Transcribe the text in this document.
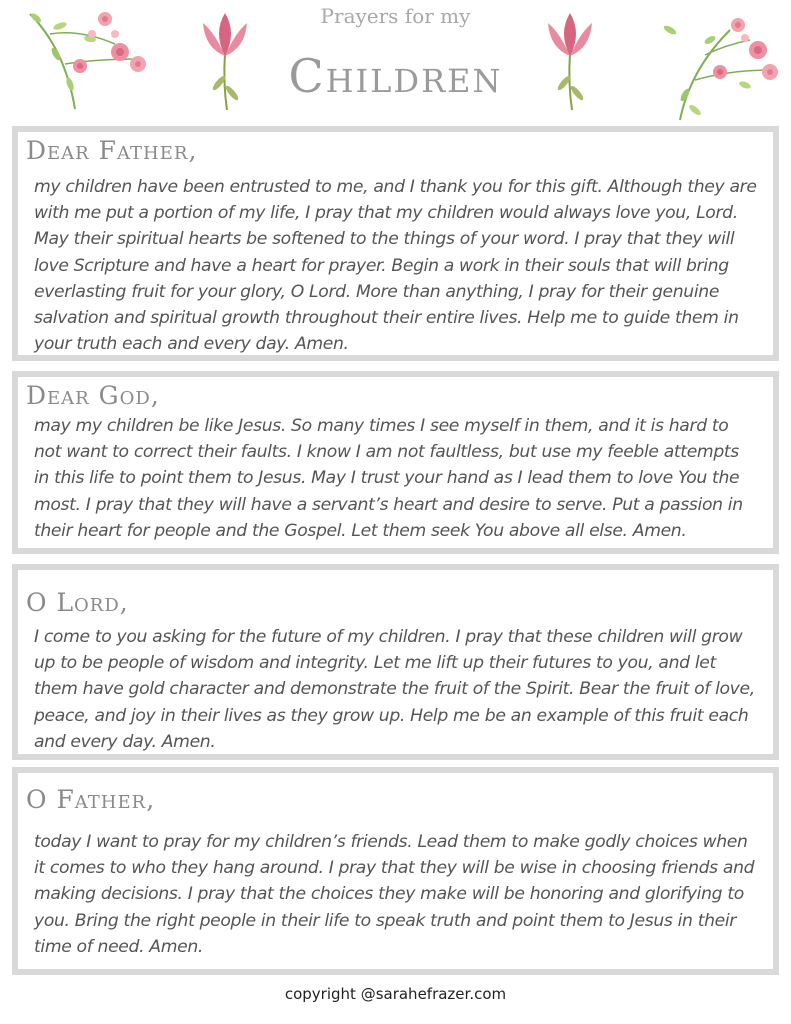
Prayers for my
Children
Dear Father,
my children have been entrusted to me, and I thank you for this gift. Although they are with me put a portion of my life, I pray that my children would always love you, Lord. May their spiritual hearts be softened to the things of your word. I pray that they will love Scripture and have a heart for prayer. Begin a work in their souls that will bring everlasting fruit for your glory, O Lord. More than anything, I pray for their genuine salvation and spiritual growth throughout their entire lives. Help me to guide them in your truth each and every day. Amen.
Dear God,
may my children be like Jesus. So many times I see myself in them, and it is hard to not want to correct their faults. I know I am not faultless, but use my feeble attempts in this life to point them to Jesus. May I trust your hand as I lead them to love You the most. I pray that they will have a servant’s heart and desire to serve. Put a passion in their heart for people and the Gospel. Let them seek You above all else. Amen.
O Lord,
I come to you asking for the future of my children. I pray that these children will grow up to be people of wisdom and integrity. Let me lift up their futures to you, and let them have gold character and demonstrate the fruit of the Spirit. Bear the fruit of love, peace, and joy in their lives as they grow up. Help me be an example of this fruit each and every day. Amen.
O Father,
today I want to pray for my children’s friends. Lead them to make godly choices when it comes to who they hang around. I pray that they will be wise in choosing friends and making decisions. I pray that the choices they make will be honoring and glorifying to you. Bring the right people in their life to speak truth and point them to Jesus in their time of need. Amen.
copyright @sarahefrazer.com
